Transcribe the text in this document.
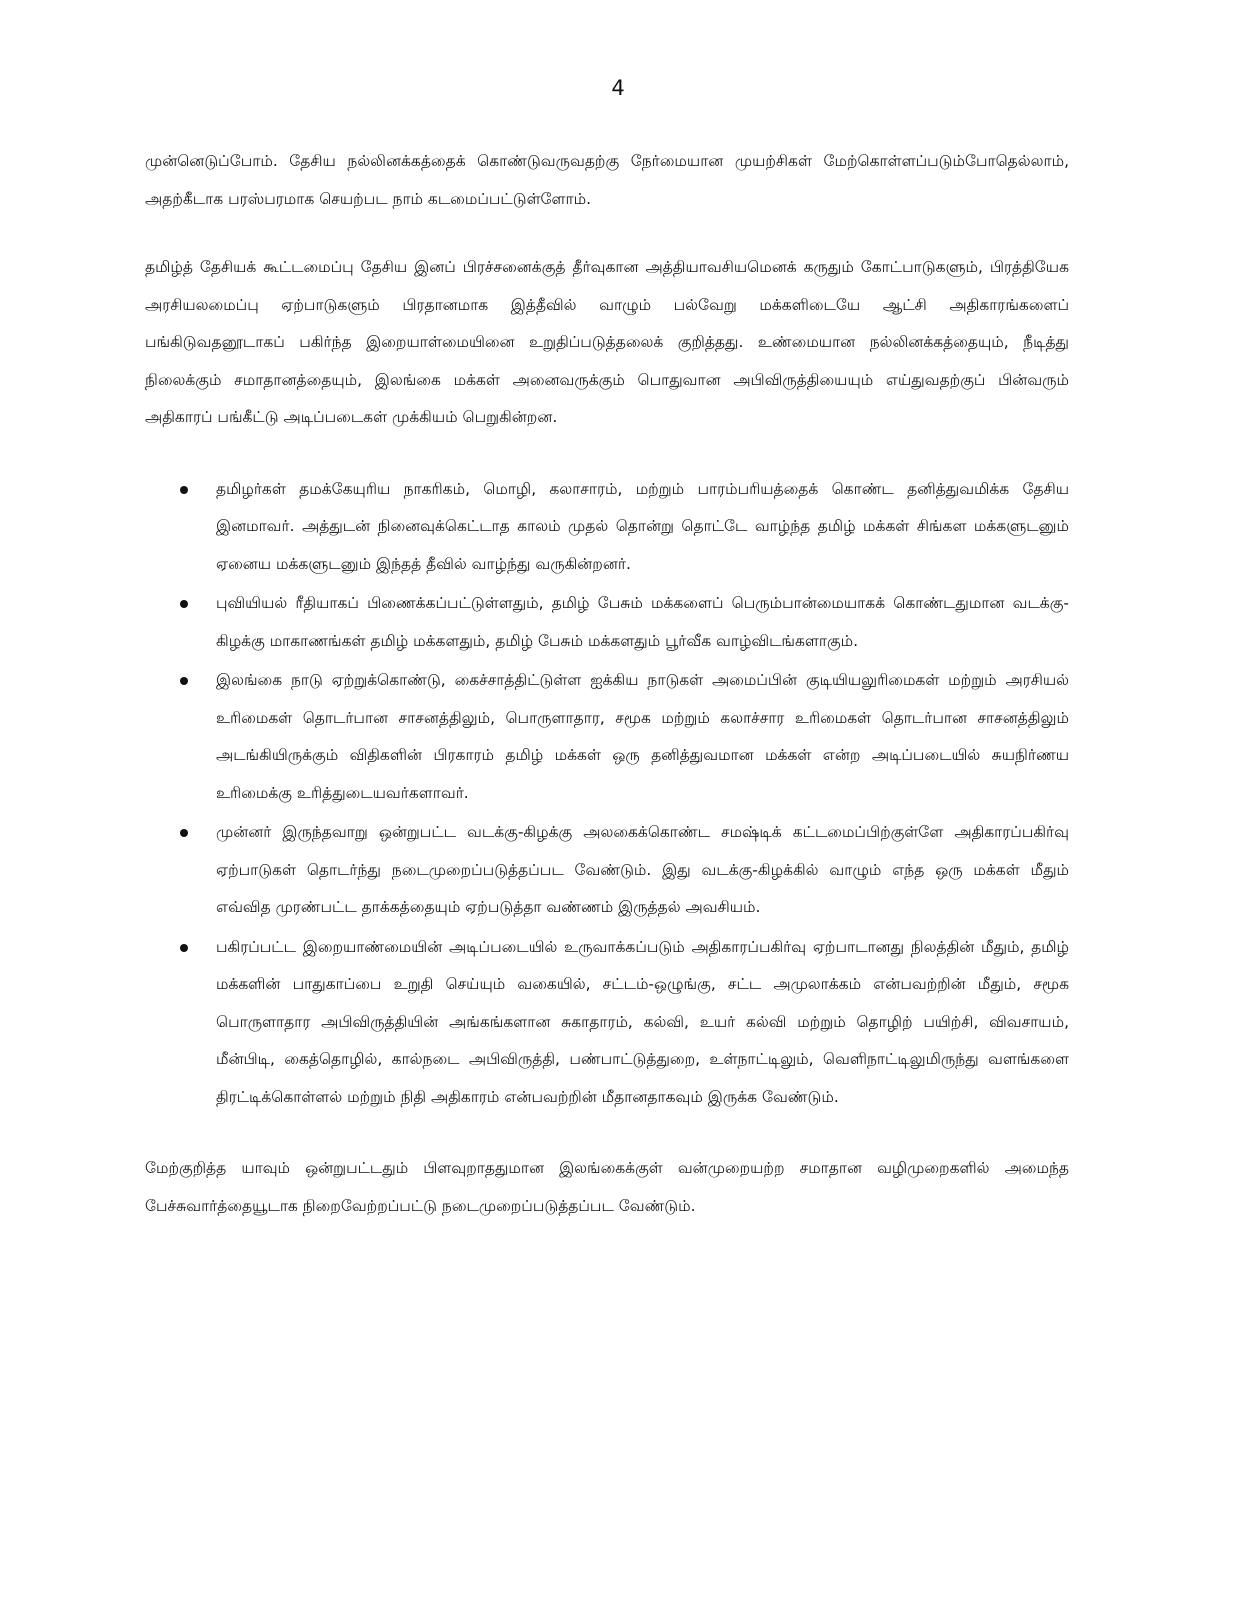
4

முன்னெடுப்போம். தேசிய நல்லினக்கத்தைக் கொண்டுவருவதற்கு நேர்மையான முயற்சிகள் மேற்கொள்ளப்படும்போதெல்லாம், அதற்கீடாக பரஸ்பரமாக செயற்பட நாம் கடமைப்பட்டுள்ளோம்.

தமிழ்த் தேசியக் கூட்டமைப்பு தேசிய இனப் பிரச்சனைக்குத் தீர்வுகான அத்தியாவசியமெனக் கருதும் கோட்பாடுகளும், பிரத்தியேக அரசியலமைப்பு ஏற்பாடுகளும் பிரதானமாக இத்தீவில் வாழும் பல்வேறு மக்களிடையே ஆட்சி அதிகாரங்களைப் பங்கிடுவதனூடாகப் பகிர்ந்த இறையாள்மையினை உறுதிப்படுத்தலைக் குறித்தது. உண்மையான நல்லினக்கத்தையும், நீடித்து நிலைக்கும் சமாதானத்தையும், இலங்கை மக்கள் அனைவருக்கும் பொதுவான அபிவிருத்தியையும் எய்துவதற்குப் பின்வரும் அதிகாரப் பங்கீட்டு அடிப்படைகள் முக்கியம் பெறுகின்றன.

தமிழர்கள் தமக்கேயுரிய நாகரிகம், மொழி, கலாசாரம், மற்றும் பாரம்பரியத்தைக் கொண்ட தனித்துவமிக்க தேசிய இனமாவர். அத்துடன் நினைவுக்கெட்டாத காலம் முதல் தொன்று தொட்டே வாழ்ந்த தமிழ் மக்கள் சிங்கள மக்களுடனும் ஏனைய மக்களுடனும் இந்தத் தீவில் வாழ்ந்து வருகின்றனர்.
புவியியல் ரீதியாகப் பிணைக்கப்பட்டுள்ளதும், தமிழ் பேசும் மக்களைப் பெரும்பான்மையாகக் கொண்டதுமான வடக்கு-கிழக்கு மாகாணங்கள் தமிழ் மக்களதும், தமிழ் பேசும் மக்களதும் பூர்வீக வாழ்விடங்களாகும்.
இலங்கை நாடு ஏற்றுக்கொண்டு, கைச்சாத்திட்டுள்ள ஐக்கிய நாடுகள் அமைப்பின் குடியியலுரிமைகள் மற்றும் அரசியல் உரிமைகள் தொடர்பான சாசனத்திலும், பொருளாதார, சமூக மற்றும் கலாச்சார உரிமைகள் தொடர்பான சாசனத்திலும் அடங்கியிருக்கும் விதிகளின் பிரகாரம் தமிழ் மக்கள் ஒரு தனித்துவமான மக்கள் என்ற அடிப்படையில் சுயநிர்ணய உரிமைக்கு உரித்துடையவர்களாவர்.
முன்னர் இருந்தவாறு ஒன்றுபட்ட வடக்கு-கிழக்கு அலகைக்கொண்ட சமஷ்டிக் கட்டமைப்பிற்குள்ளே அதிகாரப்பகிர்வு ஏற்பாடுகள் தொடர்ந்து நடைமுறைப்படுத்தப்பட வேண்டும். இது வடக்கு-கிழக்கில் வாழும் எந்த ஒரு மக்கள் மீதும் எவ்வித முரண்பட்ட தாக்கத்தையும் ஏற்படுத்தா வண்ணம் இருத்தல் அவசியம்.
பகிரப்பட்ட இறையாண்மையின் அடிப்படையில் உருவாக்கப்படும் அதிகாரப்பகிர்வு ஏற்பாடானது நிலத்தின் மீதும், தமிழ் மக்களின் பாதுகாப்பை உறுதி செய்யும் வகையில், சட்டம்-ஒழுங்கு, சட்ட அமுலாக்கம் என்பவற்றின் மீதும், சமூக பொருளாதார அபிவிருத்தியின் அங்கங்களான சுகாதாரம், கல்வி, உயர் கல்வி மற்றும் தொழிற் பயிற்சி, விவசாயம், மீன்பிடி, கைத்தொழில், கால்நடை அபிவிருத்தி, பண்பாட்டுத்துறை, உள்நாட்டிலும், வெளிநாட்டிலுமிருந்து வளங்களை திரட்டிக்கொள்ளல் மற்றும் நிதி அதிகாரம் என்பவற்றின் மீதானதாகவும் இருக்க வேண்டும்.

மேற்குறித்த யாவும் ஒன்றுபட்டதும் பிளவுறாததுமான இலங்கைக்குள் வன்முறையற்ற சமாதான வழிமுறைகளில் அமைந்த பேச்சுவார்த்தையூடாக நிறைவேற்றப்பட்டு நடைமுறைப்படுத்தப்பட வேண்டும்.
